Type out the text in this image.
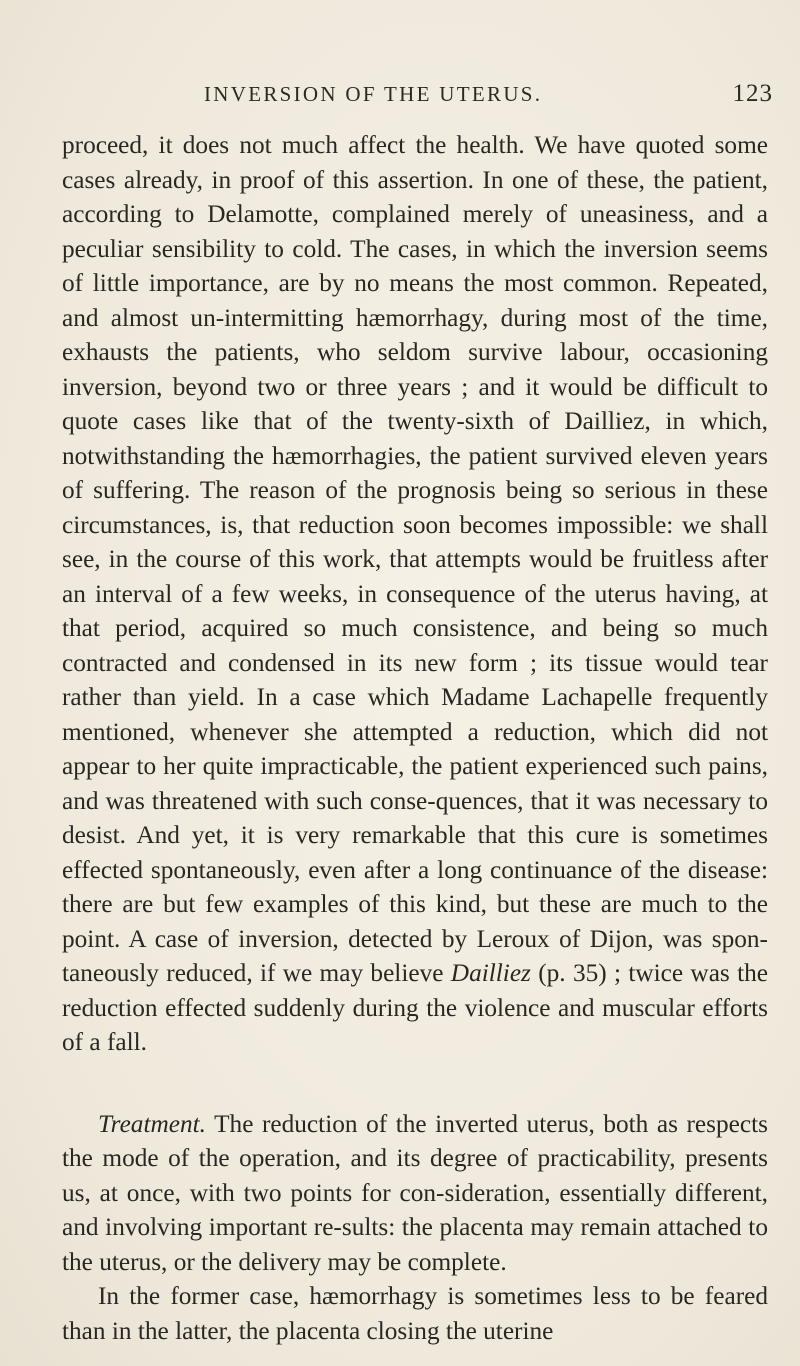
INVERSION OF THE UTERUS.	123

proceed, it does not much affect the health. We have quoted some cases already, in proof of this assertion. In one of these, the patient, according to Delamotte, complained merely of uneasiness, and a peculiar sensibility to cold. The cases, in which the inversion seems of little importance, are by no means the most common. Repeated, and almost un-intermitting hæmorrhagy, during most of the time, exhausts the patients, who seldom survive labour, occasioning inversion, beyond two or three years ; and it would be difficult to quote cases like that of the twenty-sixth of Dailliez, in which, notwithstanding the hæmorrhagies, the patient survived eleven years of suffering. The reason of the prognosis being so serious in these circumstances, is, that reduction soon becomes impossible: we shall see, in the course of this work, that attempts would be fruitless after an interval of a few weeks, in consequence of the uterus having, at that period, acquired so much consistence, and being so much contracted and condensed in its new form ; its tissue would tear rather than yield. In a case which Madame Lachapelle frequently mentioned, whenever she attempted a reduction, which did not appear to her quite impracticable, the patient experienced such pains, and was threatened with such conse-quences, that it was necessary to desist. And yet, it is very remarkable that this cure is sometimes effected spontaneously, even after a long continuance of the disease: there are but few examples of this kind, but these are much to the point. A case of inversion, detected by Leroux of Dijon, was spon-taneously reduced, if we may believe Dailliez (p. 35) ; twice was the reduction effected suddenly during the violence and muscular efforts of a fall.

Treatment. The reduction of the inverted uterus, both as respects the mode of the operation, and its degree of practicability, presents us, at once, with two points for con-sideration, essentially different, and involving important re-sults: the placenta may remain attached to the uterus, or the delivery may be complete.

In the former case, hæmorrhagy is sometimes less to be feared than in the latter, the placenta closing the uterine
